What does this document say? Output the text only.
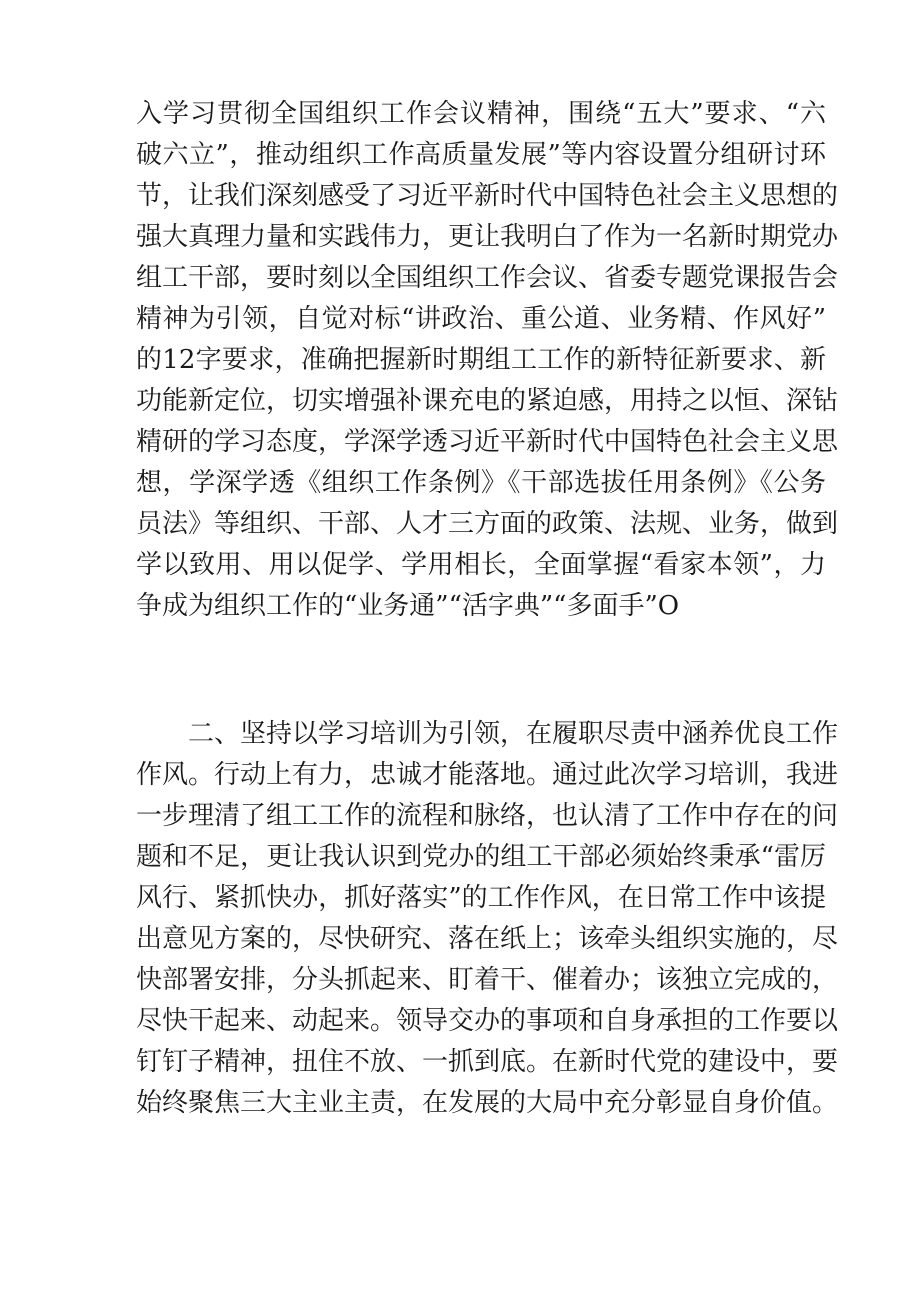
入学习贯彻全国组织工作会议精神，围绕“五大”要求、“六
破六立”，推动组织工作高质量发展”等内容设置分组研讨环
节，让我们深刻感受了习近平新时代中国特色社会主义思想的
强大真理力量和实践伟力，更让我明白了作为一名新时期党办
组工干部，要时刻以全国组织工作会议、省委专题党课报告会
精神为引领，自觉对标“讲政治、重公道、业务精、作风好”
的12字要求，准确把握新时期组工工作的新特征新要求、新
功能新定位，切实增强补课充电的紧迫感，用持之以恒、深钻
精研的学习态度，学深学透习近平新时代中国特色社会主义思
想，学深学透《组织工作条例》《干部选拔任用条例》《公务
员法》等组织、干部、人才三方面的政策、法规、业务，做到
学以致用、用以促学、学用相长，全面掌握“看家本领”，力
争成为组织工作的“业务通”“活字典”“多面手”O
二、坚持以学习培训为引领，在履职尽责中涵养优良工作
作风。行动上有力，忠诚才能落地。通过此次学习培训，我进
一步理清了组工工作的流程和脉络，也认清了工作中存在的问
题和不足，更让我认识到党办的组工干部必须始终秉承“雷厉
风行、紧抓快办，抓好落实”的工作作风，在日常工作中该提
出意见方案的，尽快研究、落在纸上；该牵头组织实施的，尽
快部署安排，分头抓起来、盯着干、催着办；该独立完成的，
尽快干起来、动起来。领导交办的事项和自身承担的工作要以
钉钉子精神，扭住不放、一抓到底。在新时代党的建设中，要
始终聚焦三大主业主责，在发展的大局中充分彰显自身价值。
